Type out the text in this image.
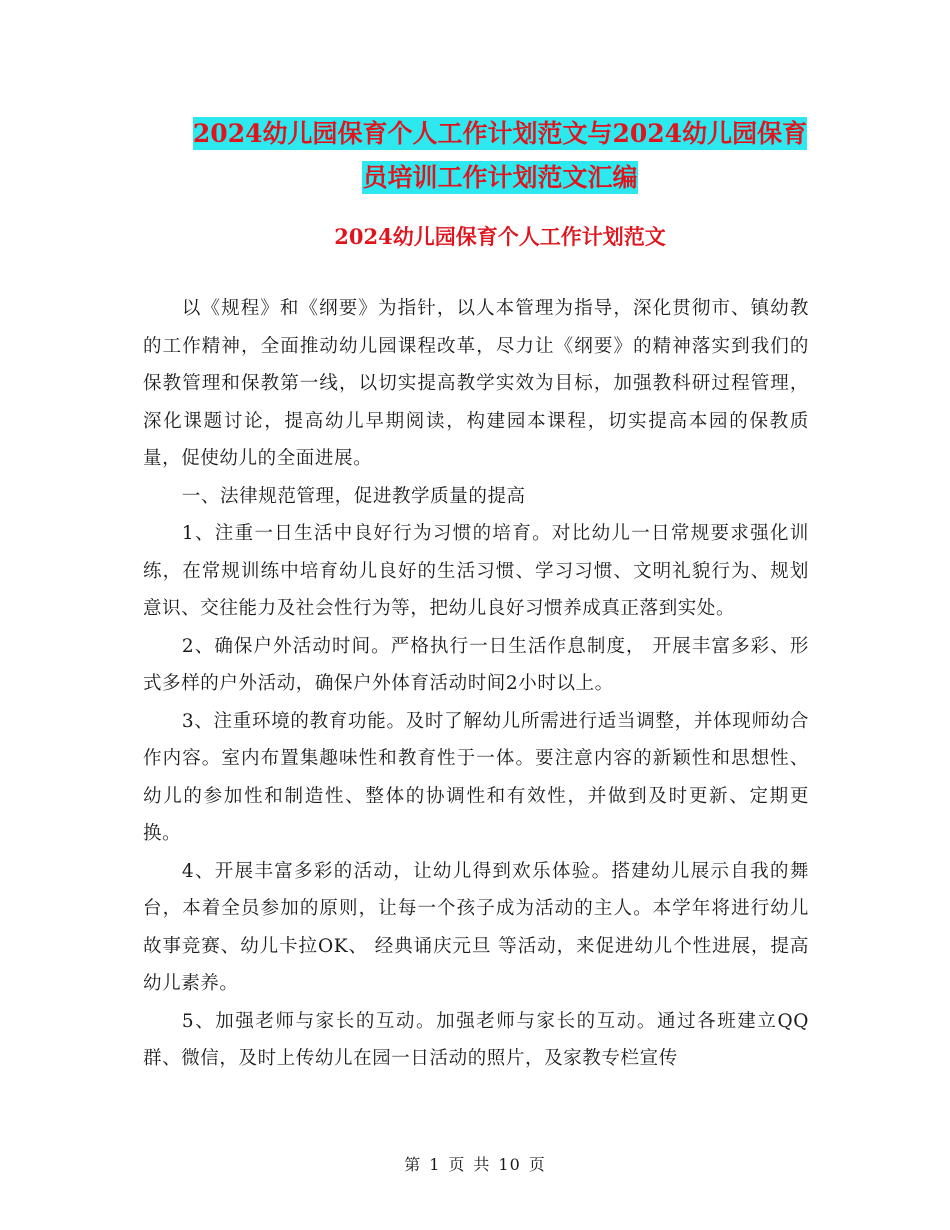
2024幼儿园保育个人工作计划范文与2024幼儿园保育
员培训工作计划范文汇编
2024幼儿园保育个人工作计划范文

以《规程》和《纲要》为指针，以人本管理为指导，深化贯彻市、镇幼教的工作精神，全面推动幼儿园课程改革，尽力让《纲要》的精神落实到我们的保教管理和保教第一线，以切实提高教学实效为目标，加强教科研过程管理，深化课题讨论，提高幼儿早期阅读，构建园本课程，切实提高本园的保教质量，促使幼儿的全面进展。

一、法律规范管理，促进教学质量的提高

1、注重一日生活中良好行为习惯的培育。对比幼儿一日常规要求强化训练，在常规训练中培育幼儿良好的生活习惯、学习习惯、文明礼貌行为、规划意识、交往能力及社会性行为等，把幼儿良好习惯养成真正落到实处。

2、确保户外活动时间。严格执行一日生活作息制度， 开展丰富多彩、形式多样的户外活动，确保户外体育活动时间2小时以上。

3、注重环境的教育功能。及时了解幼儿所需进行适当调整，并体现师幼合作内容。室内布置集趣味性和教育性于一体。要注意内容的新颖性和思想性、幼儿的参加性和制造性、整体的协调性和有效性，并做到及时更新、定期更换。

4、开展丰富多彩的活动，让幼儿得到欢乐体验。搭建幼儿展示自我的舞台，本着全员参加的原则，让每一个孩子成为活动的主人。本学年将进行幼儿故事竞赛、幼儿卡拉OK、 经典诵庆元旦 等活动，来促进幼儿个性进展，提高幼儿素养。

5、加强老师与家长的互动。加强老师与家长的互动。通过各班建立QQ群、微信，及时上传幼儿在园一日活动的照片，及家教专栏宣传

第 1 页 共 10 页
